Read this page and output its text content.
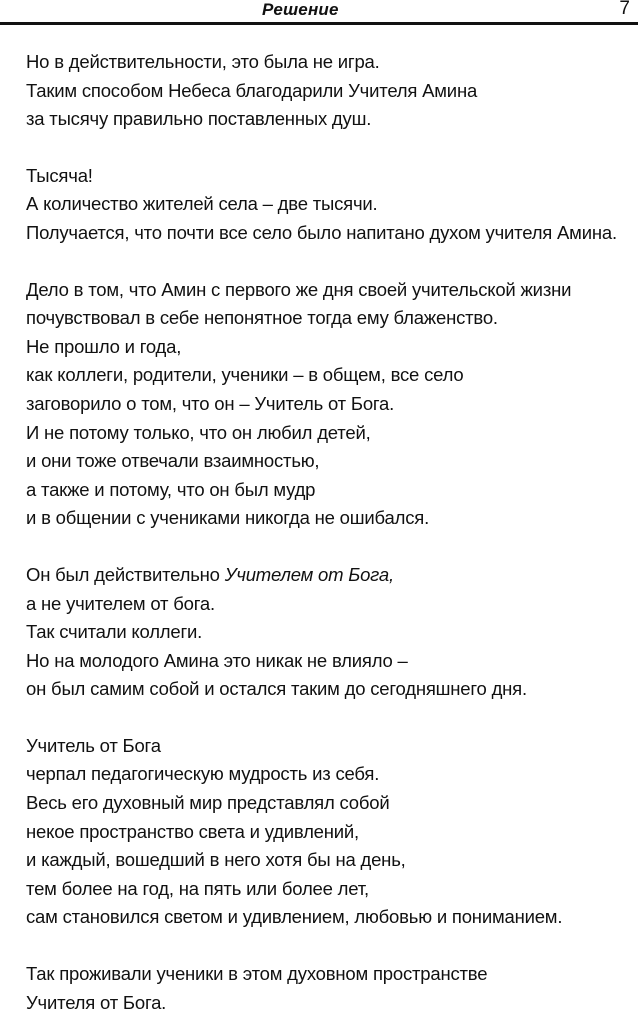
Решение	7
Но в действительности, это была не игра.
Таким способом Небеса благодарили Учителя Амина
за тысячу правильно поставленных душ.
Тысяча!
А количество жителей села – две тысячи.
Получается, что почти все село было напитано духом учителя Амина.
Дело в том, что Амин с первого же дня своей учительской жизни
почувствовал в себе непонятное тогда ему блаженство.
Не прошло и года,
как коллеги, родители, ученики – в общем, все село
заговорило о том, что он – Учитель от Бога.
И не потому только, что он любил детей,
и они тоже отвечали взаимностью,
а также и потому, что он был мудр
и в общении с учениками никогда не ошибался.
Он был действительно Учителем от Бога,
а не учителем от бога.
Так считали коллеги.
Но на молодого Амина это никак не влияло –
он был самим собой и остался таким до сегодняшнего дня.
Учитель от Бога
черпал педагогическую мудрость из себя.
Весь его духовный мир представлял собой
некое пространство света и удивлений,
и каждый, вошедший в него хотя бы на день,
тем более на год, на пять или более лет,
сам становился светом и удивлением, любовью и пониманием.
Так проживали ученики в этом духовном пространстве
Учителя от Бога.
